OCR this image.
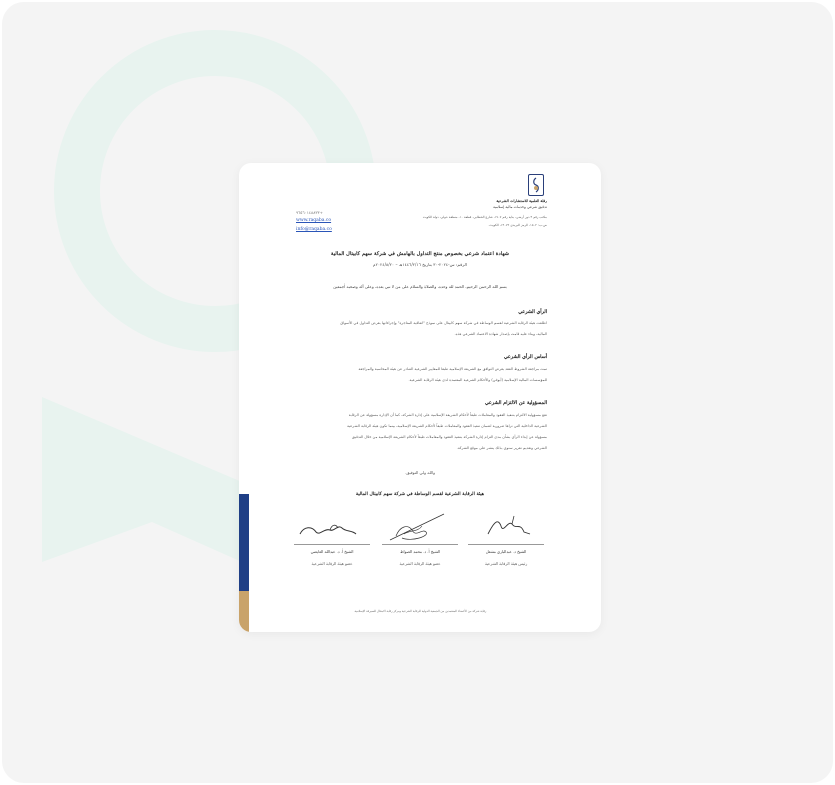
رفلة العلمية للاستشارات الشرعية
تدقيق شرعي وخدمات مالية إسلامية
مكتب رقم ٣ دور أرضي، بناية رقم ١٧٠٧، شارع الخطابي، قطعة ١٠، منطقة حولي، دولة الكويت
ص.ب: ١٥٠٢، الرمز البريدي ١٣٠٧٢، الكويت.
٩٦٥٦٠١٤٨٨٣٣+
www.raqaba.co
info@raqaba.co
شهادة اعتماد شرعي بخصوص منتج التداول بالهامش في شركة سهم كابيتال المالية
الرقم: س-٢٠٢٤-٣٠ بتاريخ ١٤٤٦/٢/١٦هـ – ٢٠٢٤/٨/٢٠م
بسم الله الرحمن الرحيم، الحمد لله وحده، والصلاة والسلام على من لا نبي بعده، وعلى آله وصحبه أجمعين
الرأي الشرعي
اطلعت هيئة الرقابة الشرعية لقسم الوساطة في شركة سهم كابيتال على نموذج "اتفاقية المتاجرة" وإجراءاتها بغرض التداول في الأسواق
المالية، وبناء عليه قامت بإصدار شهادة الاعتماد الشرعي هذه.
أساس الرأي الشرعي
تمت مراجعة الشروط العقد بغرض التوافق مع الشريعة الإسلامية طبقا للمعايير الشرعية الصادر عن هيئة المحاسبة والمراجعة
للمؤسسات المالية الإسلامية (أيوفي) والأحكام الشرعية المعتمدة لدى هيئة الرقابة الشرعية.
المسؤولية عن الالتزام الشرعي
تقع مسؤولية الالتزام بتنفيذ العقود والمعاملات طبقاً لأحكام الشريعة الإسلامية على إدارة الشركة، كما أن الإدارة مسؤولة عن الرقابة
الشرعية الداخلية التي تراها ضرورية لضمان تنفيذ العقود والمعاملات طبقاً لأحكام الشريعة الإسلامية، بينما تكون هيئة الرقابة الشرعية
مسؤولة عن إبداء الرأي بشأن مدى التزام إدارة الشركة بتنفيذ العقود والمعاملات طبقاً لأحكام الشريعة الإسلامية من خلال التدقيق
الشرعي وتقديم تقرير سنوي بذلك ينشر على موقع الشركة.
والله ولي التوفيق.
هيئة الرقابة الشرعية لقسم الوساطة في شركة سهم كابيتال المالية
الشيخ د. عبدالباري مشعل
رئيس هيئة الرقابة الشرعية
الشيخ أ. د. محمد الصواط
عضو هيئة الرقابة الشرعية
الشيخ أ. د. عبدالله العايضي
عضو هيئة الرقابة الشرعية
رقابة شركة من الأعضاء المعتمدين من الجمعية الدولية للرقابة الشرعية ومركز رقابة الامتثال للصيرفة الإسلامية.
